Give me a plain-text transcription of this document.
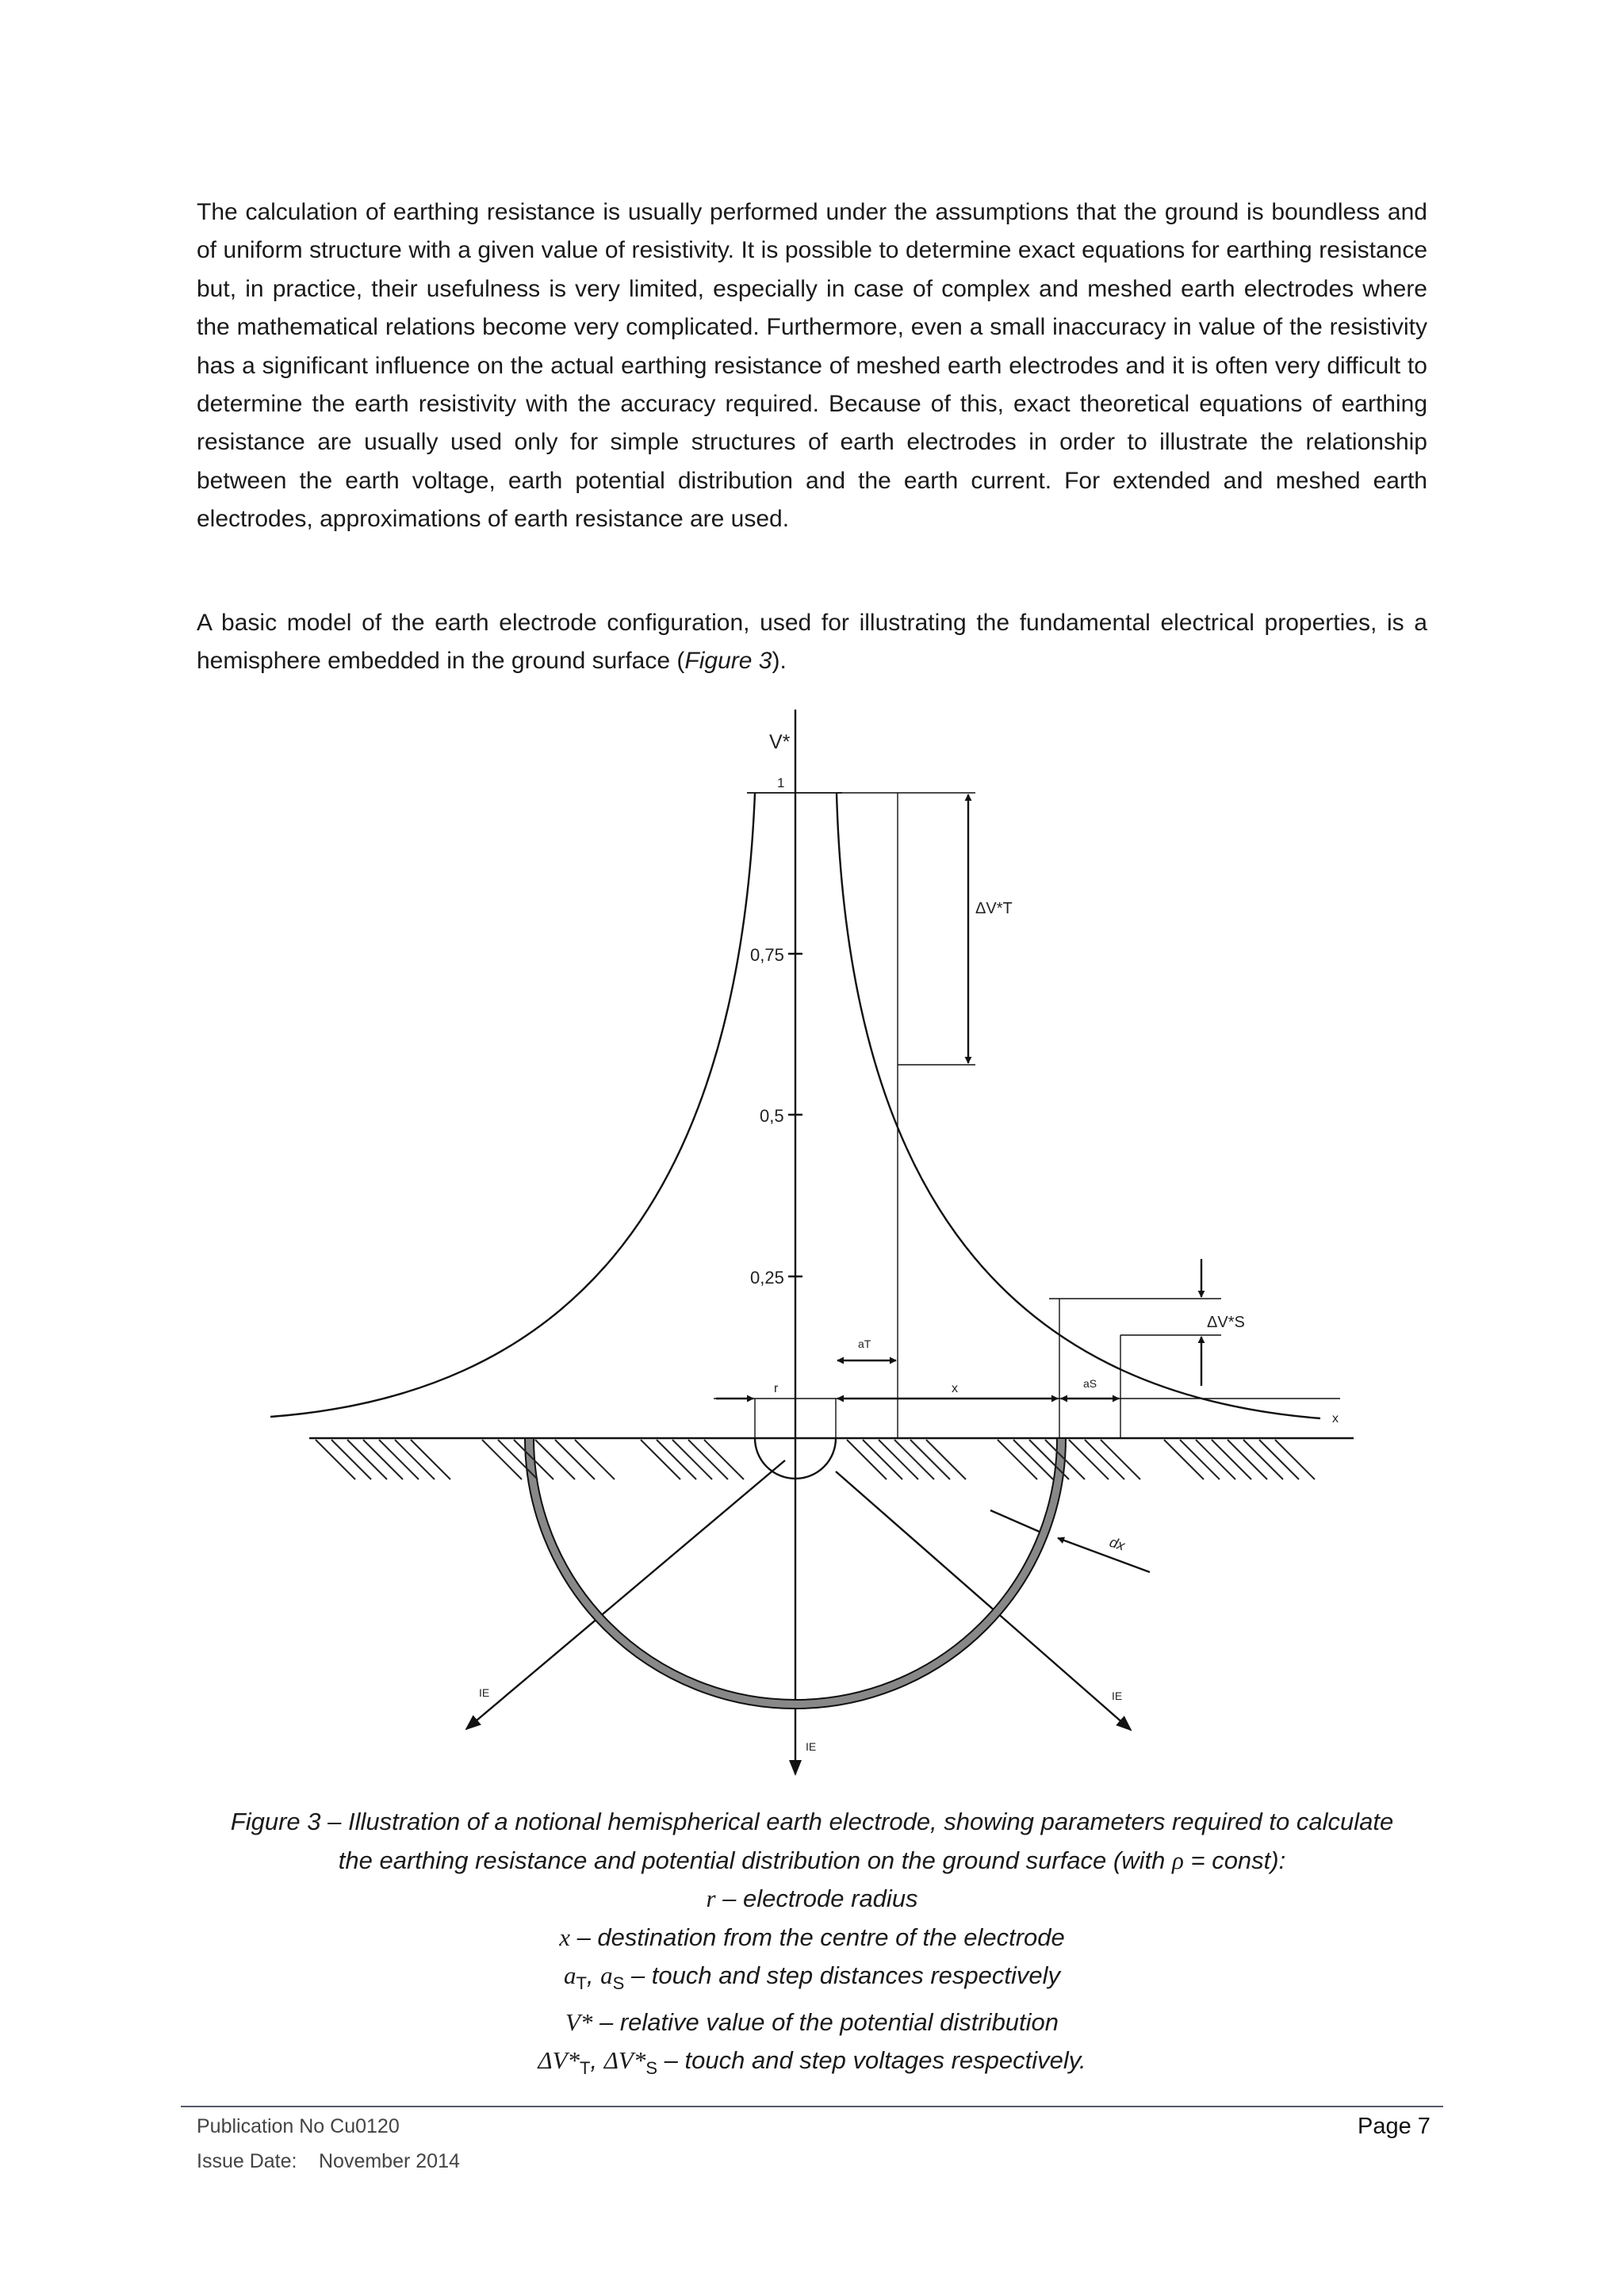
The calculation of earthing resistance is usually performed under the assumptions that the ground is boundless and of uniform structure with a given value of resistivity. It is possible to determine exact equations for earthing resistance but, in practice, their usefulness is very limited, especially in case of complex and meshed earth electrodes where the mathematical relations become very complicated. Furthermore, even a small inaccuracy in value of the resistivity has a significant influence on the actual earthing resistance of meshed earth electrodes and it is often very difficult to determine the earth resistivity with the accuracy required. Because of this, exact theoretical equations of earthing resistance are usually used only for simple structures of earth electrodes in order to illustrate the relationship between the earth voltage, earth potential distribution and the earth current. For extended and meshed earth electrodes, approximations of earth resistance are used.

A basic model of the earth electrode configuration, used for illustrating the fundamental electrical properties, is a hemisphere embedded in the ground surface (Figure 3).

V*
1
0,75
0,5
0,25
ΔV*T
ΔV*S
aT
aS
r	x
x
dx
IE	IE
IE
Figure 3 – Illustration of a notional hemispherical earth electrode, showing parameters required to calculate
the earthing resistance and potential distribution on the ground surface (with ρ = const):
r – electrode radius
x – destination from the centre of the electrode
$a_T$, $a_S$ – touch and step distances respectively
V* – relative value of the potential distribution
$\Delta V*_T$, $\Delta V*_S$ – touch and step voltages respectively.
Publication No Cu0120
Issue Date: November 2014
Page 7
